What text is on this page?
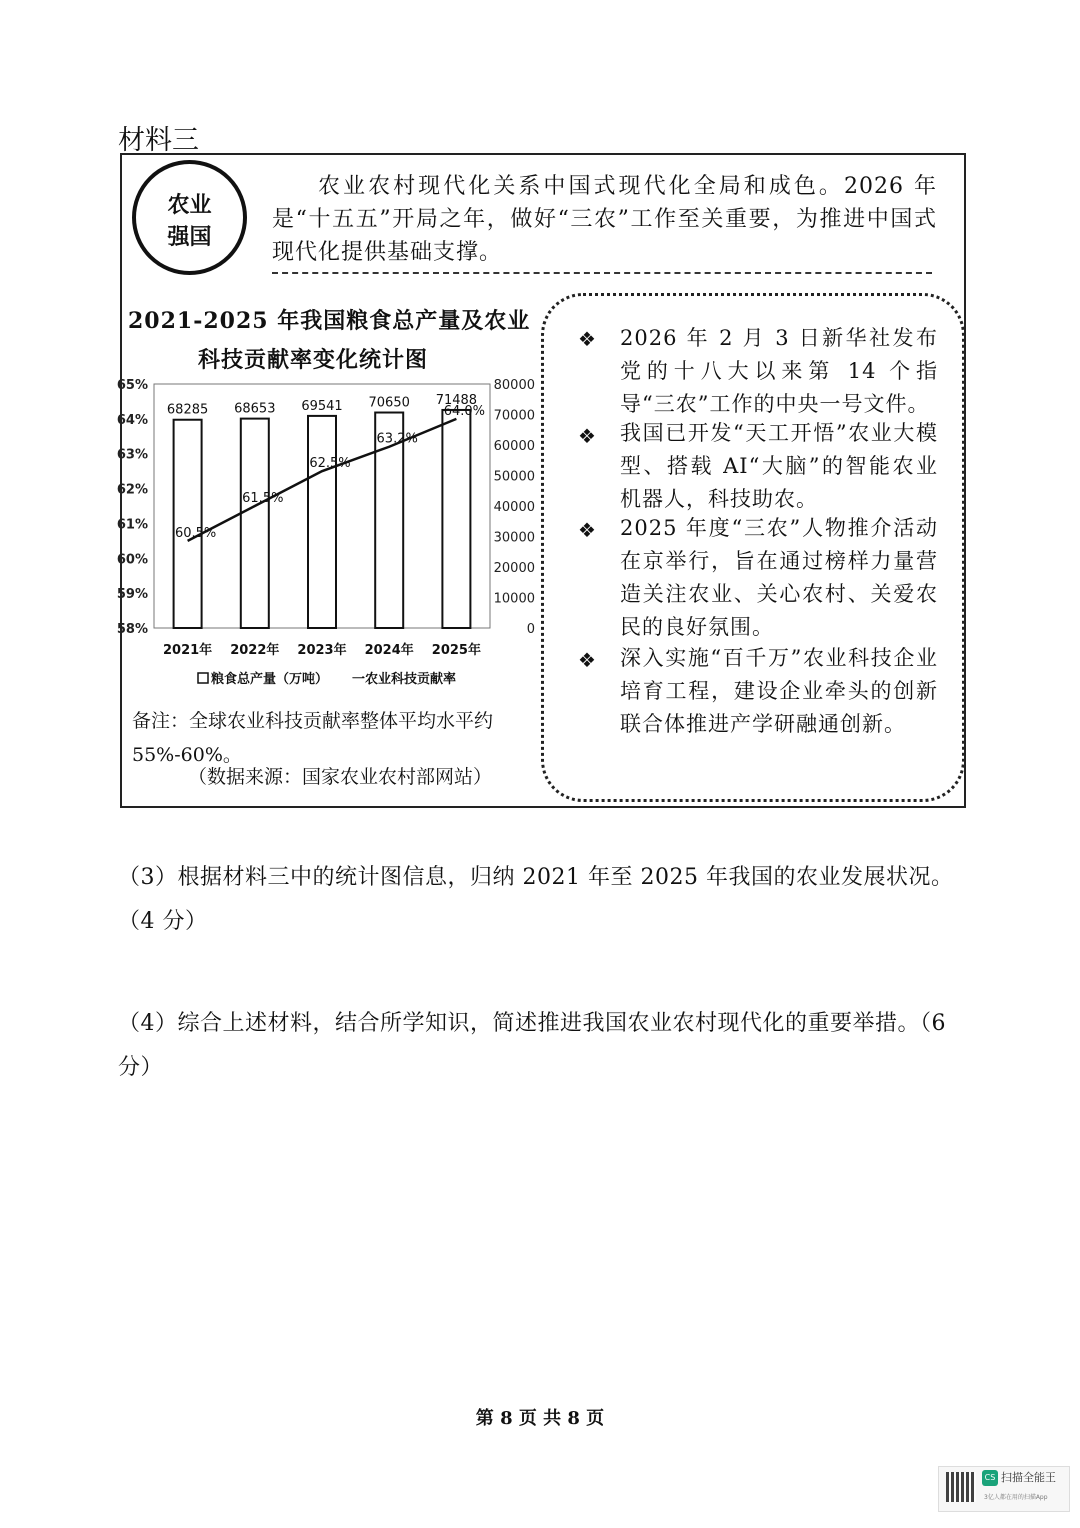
材料三
农业
强国

农业农村现代化关系中国式现代化全局和成色。2026 年是“十五五”开局之年，做好“三农”工作至关重要，为推进中国式现代化提供基础支撑。

2021-2025 年我国粮食总产量及农业
科技贡献率变化统计图
58%
59%
60%
61%
62%
63%
64%
65%
0
10000
20000
30000
40000
50000
60000
70000
80000
68285 68653 69541 70650 71488
60.5%
61.5%
62.5%
63.2%
64.0%
2021年 2022年 2023年 2024年 2025年
粮食总产量（万吨） 一农业科技贡献率
备注：全球农业科技贡献率整体平均水平约55%-60%。
（数据来源：国家农业农村部网站）
❖ 2026 年 2 月 3 日新华社发布党的十八大以来第 14 个指导“三农”工作的中央一号文件。
❖ 我国已开发“天工开悟”农业大模型、搭载 AI“大脑”的智能农业机器人，科技助农。
❖ 2025 年度“三农”人物推介活动在京举行，旨在通过榜样力量营造关注农业、关心农村、关爱农民的良好氛围。
❖ 深入实施“百千万”农业科技企业培育工程，建设企业牵头的创新联合体推进产学研融通创新。
（3）根据材料三中的统计图信息，归纳 2021 年至 2025 年我国的农业发展状况。（4 分）
（4）综合上述材料，结合所学知识，简述推进我国农业农村现代化的重要举措。（6 分）
第 8 页 共 8 页
CS 扫描全能王
3亿人都在用的扫描App
